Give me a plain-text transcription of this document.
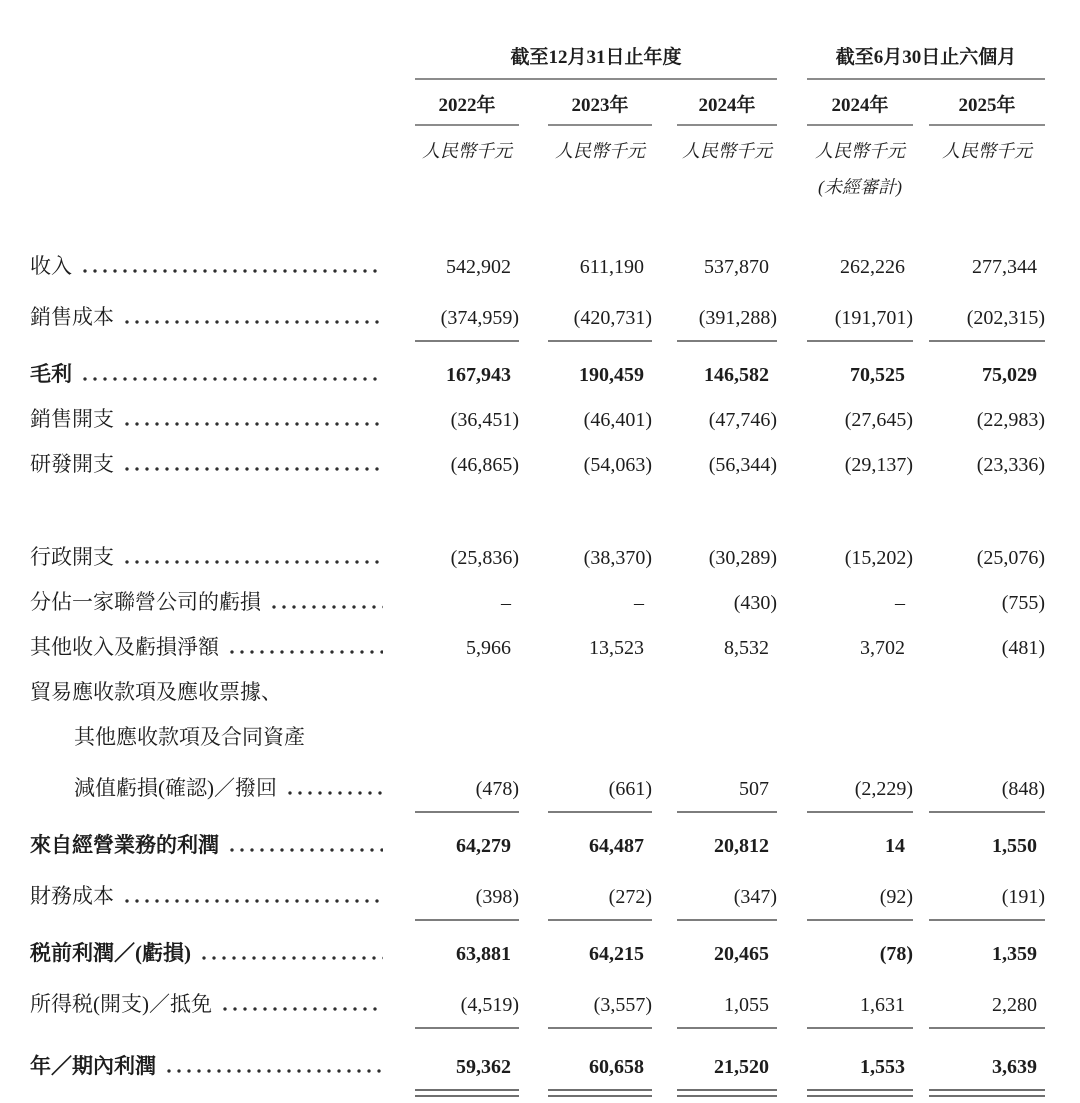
	截至12月31日止年度			截至6月30日止六個月	

	2022年	2023年	2024年	2024年	2025年

	人民幣千元	人民幣千元	人民幣千元	人民幣千元	人民幣千元

				(未經審計)	

收入	542,902	611,190	537,870	262,226	277,344

銷售成本	(374,959)	(420,731)	(391,288)	(191,701)	(202,315)

毛利	167,943	190,459	146,582	70,525	75,029

銷售開支	(36,451)	(46,401)	(47,746)	(27,645)	(22,983)

研發開支	(46,865)	(54,063)	(56,344)	(29,137)	(23,336)

行政開支	(25,836)	(38,370)	(30,289)	(15,202)	(25,076)

分佔一家聯營公司的虧損	–	–	(430)	–	(755)

其他收入及虧損淨額	5,966	13,523	8,532	3,702	(481)

貿易應收款項及應收票據、					

其他應收款項及合同資產					

減值虧損(確認)／撥回	(478)	(661)	507	(2,229)	(848)

來自經營業務的利潤	64,279	64,487	20,812	14	1,550

財務成本	(398)	(272)	(347)	(92)	(191)

税前利潤／(虧損)	63,881	64,215	20,465	(78)	1,359

所得税(開支)／抵免	(4,519)	(3,557)	1,055	1,631	2,280

年／期內利潤	59,362	60,658	21,520	1,553	3,639
